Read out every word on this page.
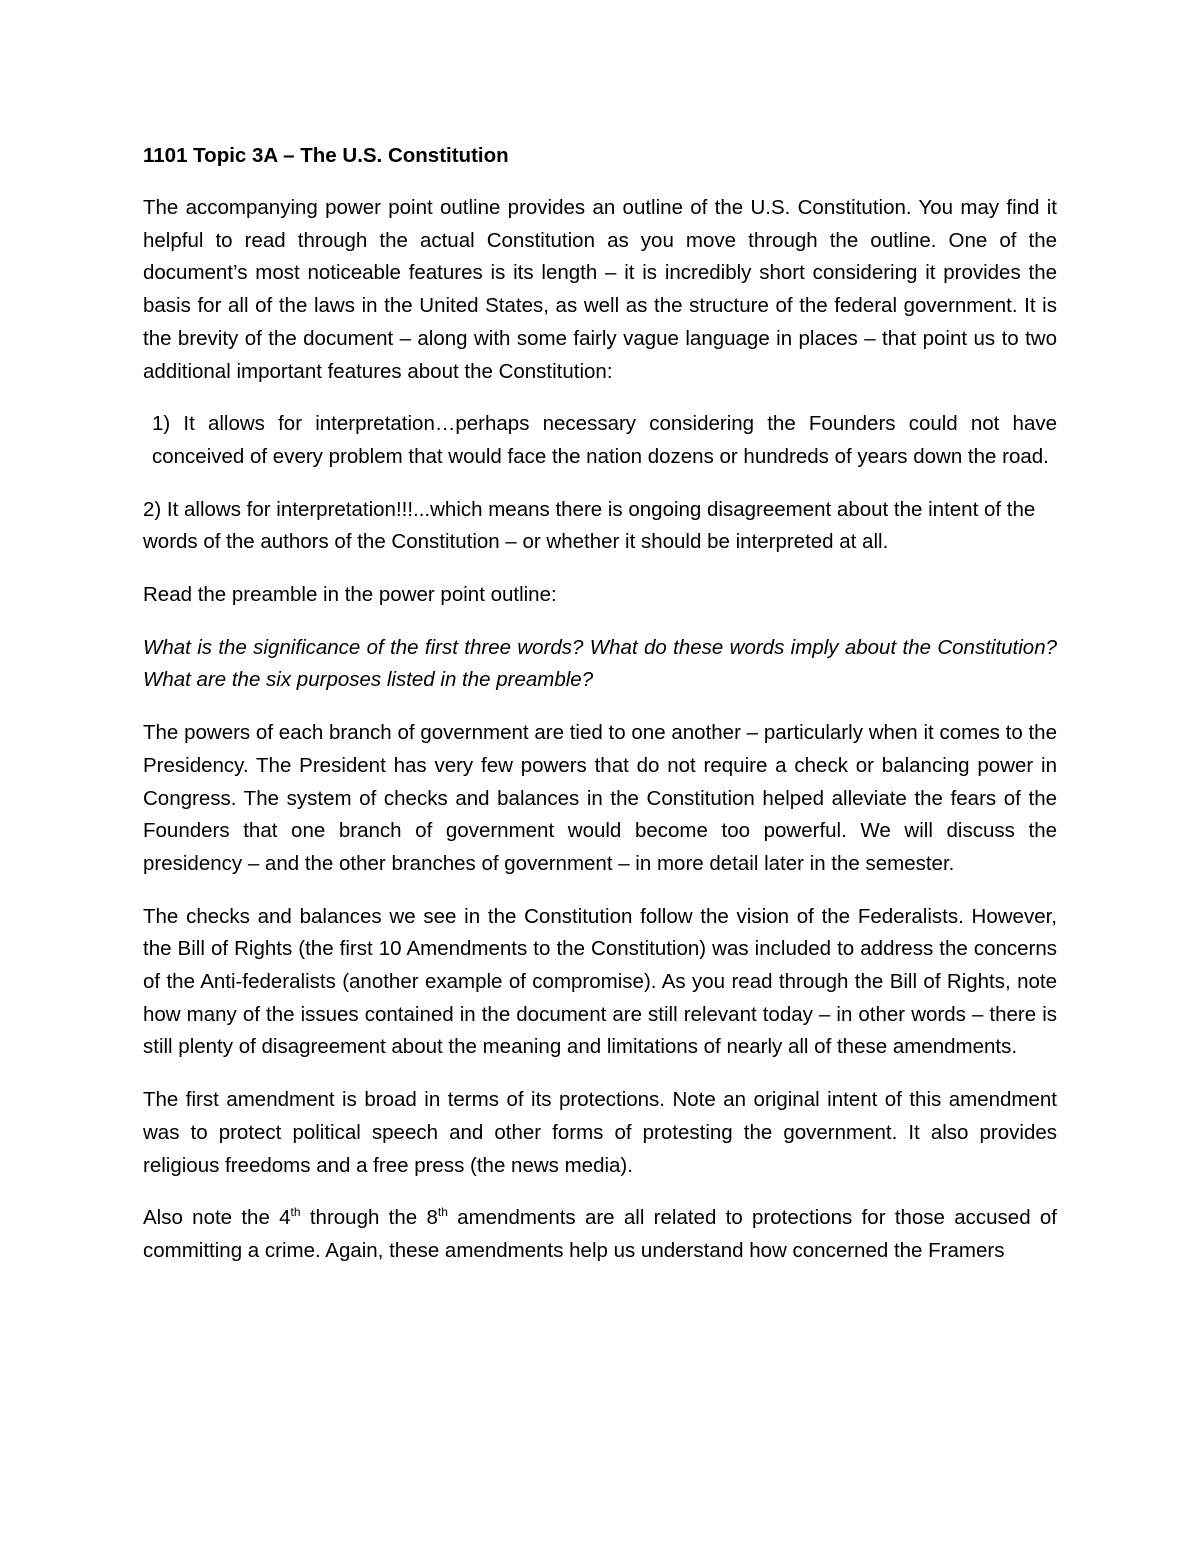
1101 Topic 3A – The U.S. Constitution

The accompanying power point outline provides an outline of the U.S. Constitution. You may find it helpful to read through the actual Constitution as you move through the outline. One of the document’s most noticeable features is its length – it is incredibly short considering it provides the basis for all of the laws in the United States, as well as the structure of the federal government. It is the brevity of the document – along with some fairly vague language in places – that point us to two additional important features about the Constitution:

1) It allows for interpretation…perhaps necessary considering the Founders could not have conceived of every problem that would face the nation dozens or hundreds of years down the road.

2) It allows for interpretation!!!...which means there is ongoing disagreement about the intent of the words of the authors of the Constitution – or whether it should be interpreted at all.

Read the preamble in the power point outline:

What is the significance of the first three words? What do these words imply about the Constitution? What are the six purposes listed in the preamble?

The powers of each branch of government are tied to one another – particularly when it comes to the Presidency. The President has very few powers that do not require a check or balancing power in Congress. The system of checks and balances in the Constitution helped alleviate the fears of the Founders that one branch of government would become too powerful. We will discuss the presidency – and the other branches of government – in more detail later in the semester.

The checks and balances we see in the Constitution follow the vision of the Federalists. However, the Bill of Rights (the first 10 Amendments to the Constitution) was included to address the concerns of the Anti-federalists (another example of compromise). As you read through the Bill of Rights, note how many of the issues contained in the document are still relevant today – in other words – there is still plenty of disagreement about the meaning and limitations of nearly all of these amendments.

The first amendment is broad in terms of its protections. Note an original intent of this amendment was to protect political speech and other forms of protesting the government. It also provides religious freedoms and a free press (the news media).

Also note the 4th through the 8th amendments are all related to protections for those accused of committing a crime. Again, these amendments help us understand how concerned the Framers
